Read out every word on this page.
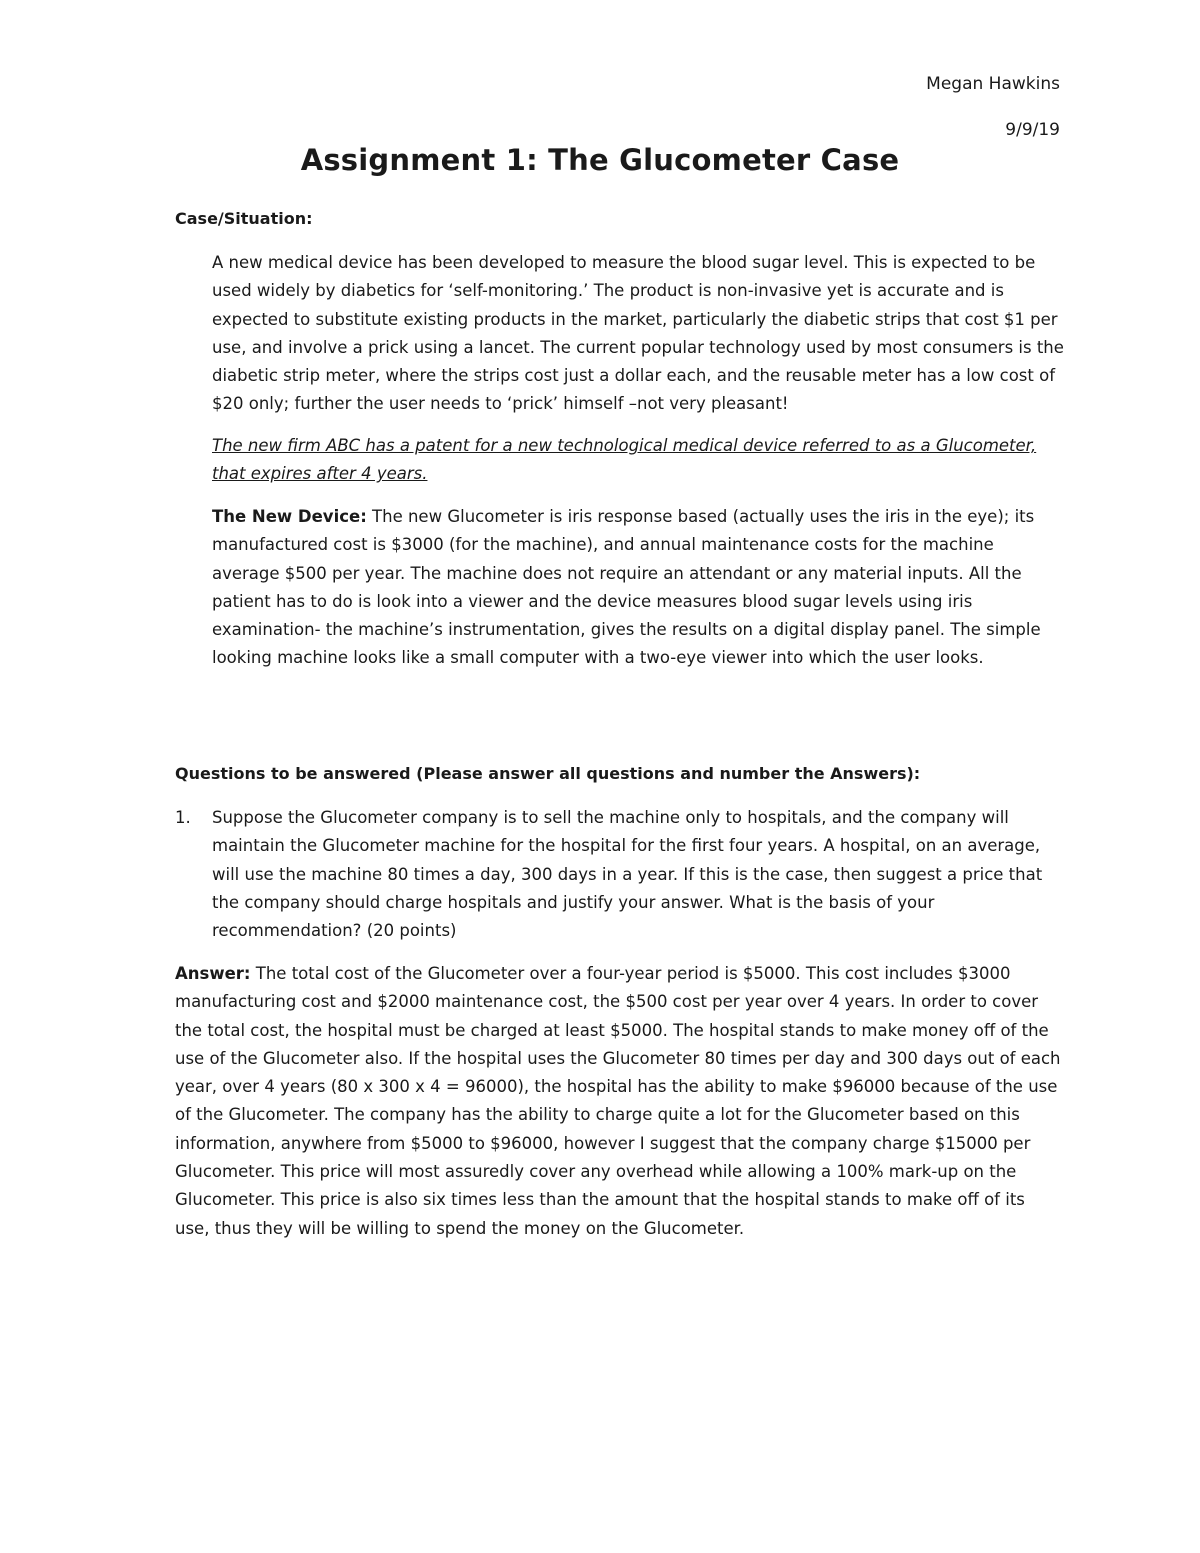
Megan Hawkins
9/9/19
Assignment 1: The Glucometer Case
Case/Situation:

A new medical device has been developed to measure the blood sugar level. This is expected to be used widely by diabetics for ‘self-monitoring.’ The product is non-invasive yet is accurate and is expected to substitute existing products in the market, particularly the diabetic strips that cost $1 per use, and involve a prick using a lancet. The current popular technology used by most consumers is the diabetic strip meter, where the strips cost just a dollar each, and the reusable meter has a low cost of $20 only; further the user needs to ‘prick’ himself –not very pleasant!

The new firm ABC has a patent for a new technological medical device referred to as a Glucometer, that expires after 4 years.

The New Device: The new Glucometer is iris response based (actually uses the iris in the eye); its manufactured cost is $3000 (for the machine), and annual maintenance costs for the machine average $500 per year. The machine does not require an attendant or any material inputs. All the patient has to do is look into a viewer and the device measures blood sugar levels using iris examination- the machine’s instrumentation, gives the results on a digital display panel. The simple looking machine looks like a small computer with a two-eye viewer into which the user looks.

Questions to be answered (Please answer all questions and number the Answers):
1. Suppose the Glucometer company is to sell the machine only to hospitals, and the company will maintain the Glucometer machine for the hospital for the first four years. A hospital, on an average, will use the machine 80 times a day, 300 days in a year. If this is the case, then suggest a price that the company should charge hospitals and justify your answer. What is the basis of your recommendation? (20 points)

Answer: The total cost of the Glucometer over a four-year period is $5000. This cost includes $3000 manufacturing cost and $2000 maintenance cost, the $500 cost per year over 4 years. In order to cover the total cost, the hospital must be charged at least $5000. The hospital stands to make money off of the use of the Glucometer also. If the hospital uses the Glucometer 80 times per day and 300 days out of each year, over 4 years (80 x 300 x 4 = 96000), the hospital has the ability to make $96000 because of the use of the Glucometer. The company has the ability to charge quite a lot for the Glucometer based on this information, anywhere from $5000 to $96000, however I suggest that the company charge $15000 per Glucometer. This price will most assuredly cover any overhead while allowing a 100% mark-up on the Glucometer. This price is also six times less than the amount that the hospital stands to make off of its use, thus they will be willing to spend the money on the Glucometer.
